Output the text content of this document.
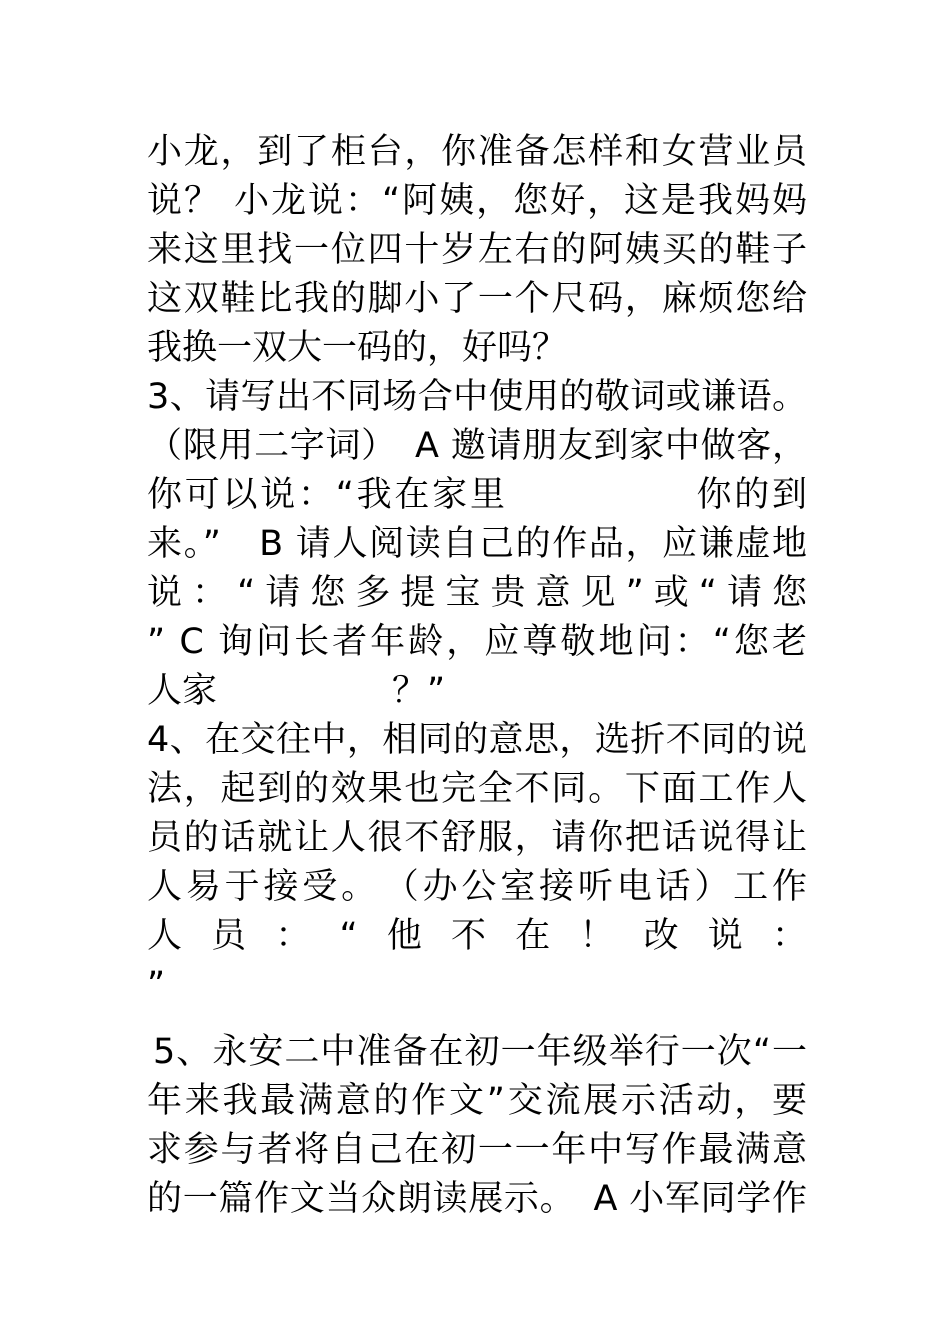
小龙，到了柜台，你准备怎样和女营业员
说？ 小龙说：“阿姨，您好，这是我妈妈
来这里找一位四十岁左右的阿姨买的鞋子
这双鞋比我的脚小了一个尺码，麻烦您给
我换一双大一码的，好吗？
3、请写出不同场合中使用的敬词或谦语。
（限用二字词）　A 邀请朋友到家中做客，
你可以说：“我在家里　　　　　你的到
来。”　B 请人阅读自己的作品，应谦虚地
说：“请您多提宝贵意见”或“请您
” C 询问长者年龄，应尊敬地问：“您老
人家　　　　　？”
4、在交往中，相同的意思，选折不同的说
法，起到的效果也完全不同。下面工作人
员的话就让人很不舒服，请你把话说得让
人易于接受。　（办公室接听电话）工作
人员：“他不在！改说：
”
5、永安二中准备在初一年级举行一次“一
年来我最满意的作文”交流展示活动，要
求参与者将自己在初一一年中写作最满意
的一篇作文当众朗读展示。　A 小军同学作
